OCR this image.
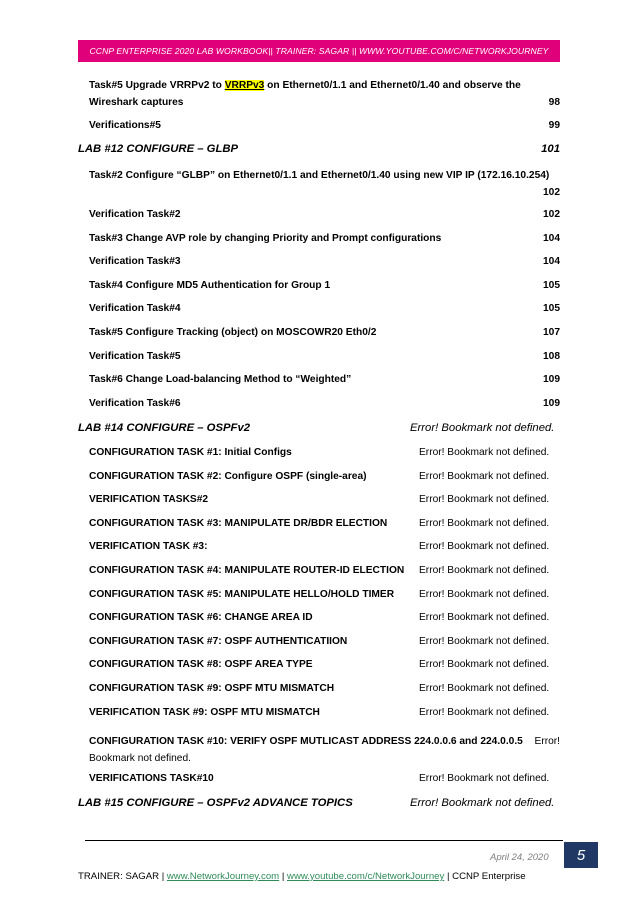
CCNP ENTERPRISE 2020 LAB WORKBOOK|| TRAINER: SAGAR || WWW.YOUTUBE.COM/C/NETWORKJOURNEY
Task#5 Upgrade VRRPv2 to VRRPv3 on Ethernet0/1.1 and Ethernet0/1.40 and observe the
Wireshark captures	98
Verifications#5	99
LAB #12 CONFIGURE – GLBP	101
Task#2 Configure “GLBP” on Ethernet0/1.1 and Ethernet0/1.40 using new VIP IP (172.16.10.254)
102
Verification Task#2	102
Task#3 Change AVP role by changing Priority and Prompt configurations	104
Verification Task#3	104
Task#4 Configure MD5 Authentication for Group 1	105
Verification Task#4	105
Task#5 Configure Tracking (object) on MOSCOWR20 Eth0/2	107
Verification Task#5	108
Task#6 Change Load-balancing Method to “Weighted”	109
Verification Task#6	109
LAB #14 CONFIGURE – OSPFv2	Error! Bookmark not defined.
CONFIGURATION TASK #1: Initial Configs	Error! Bookmark not defined.
CONFIGURATION TASK #2: Configure OSPF (single-area)	Error! Bookmark not defined.
VERIFICATION TASKS#2	Error! Bookmark not defined.
CONFIGURATION TASK #3: MANIPULATE DR/BDR ELECTION	Error! Bookmark not defined.
VERIFICATION TASK #3:	Error! Bookmark not defined.
CONFIGURATION TASK #4: MANIPULATE ROUTER-ID ELECTION Error! Bookmark not defined.
CONFIGURATION TASK #5: MANIPULATE HELLO/HOLD TIMER Error! Bookmark not defined.
CONFIGURATION TASK #6: CHANGE AREA ID	Error! Bookmark not defined.
CONFIGURATION TASK #7: OSPF AUTHENTICATIION	Error! Bookmark not defined.
CONFIGURATION TASK #8: OSPF AREA TYPE	Error! Bookmark not defined.
CONFIGURATION TASK #9: OSPF MTU MISMATCH	Error! Bookmark not defined.
VERIFICATION TASK #9: OSPF MTU MISMATCH	Error! Bookmark not defined.
CONFIGURATION TASK #10: VERIFY OSPF MUTLICAST ADDRESS 224.0.0.6 and 224.0.0.5 Error!
Bookmark not defined.
VERIFICATIONS TASK#10	Error! Bookmark not defined.
LAB #15 CONFIGURE – OSPFv2 ADVANCE TOPICS	Error! Bookmark not defined.
April 24, 2020 5
TRAINER: SAGAR | www.NetworkJourney.com | www.youtube.com/c/NetworkJourney | CCNP Enterprise
